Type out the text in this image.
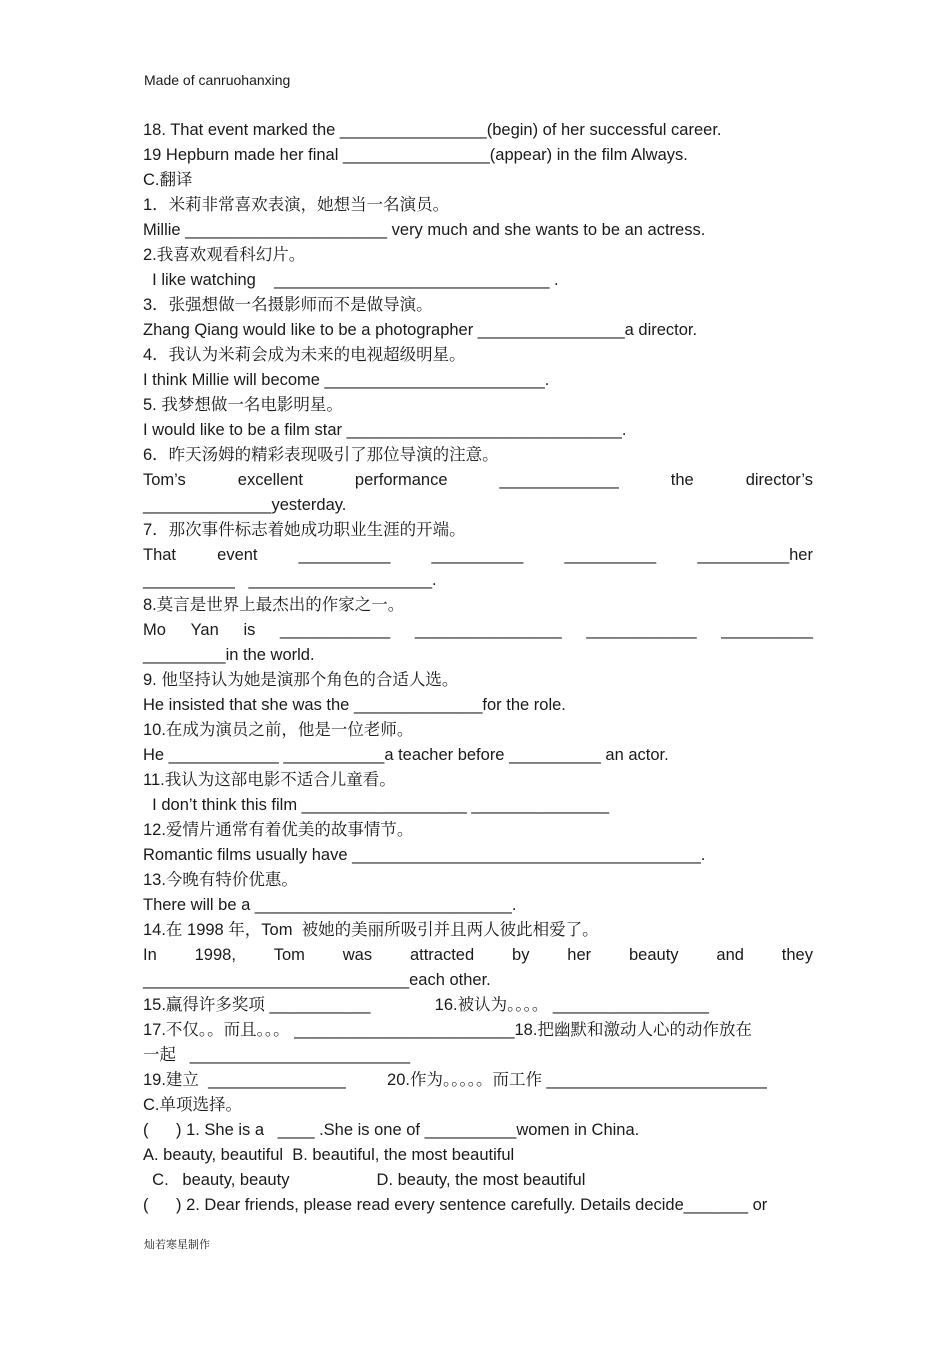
Made of canruohanxing
18. That event marked the ________________(begin) of her successful career.
19 Hepburn made her final ________________(appear) in the film Always.
C.翻译
1．米莉非常喜欢表演，她想当一名演员。
Millie ______________________ very much and she wants to be an actress.
2.我喜欢观看科幻片。
I like watching    ______________________________ .
3．张强想做一名摄影师而不是做导演。
Zhang Qiang would like to be a photographer ________________a director.
4．我认为米莉会成为未来的电视超级明星。
I think Millie will become ________________________.
5. 我梦想做一名电影明星。
I would like to be a film star ______________________________.
6．昨天汤姆的精彩表现吸引了那位导演的注意。
Tom’s	excellent	performance	_____________	the	director’s
______________yesterday.
7．那次事件标志着她成功职业生涯的开端。
That event __________ __________ __________ __________her
__________   ____________________.
8.莫言是世界上最杰出的作家之一。
Mo Yan is ____________ ________________ ____________ __________
_________in the world.
9. 他坚持认为她是演那个角色的合适人选。
He insisted that she was the ______________for the role.
10.在成为演员之前，他是一位老师。
He ____________ ___________a teacher before __________ an actor.
11.我认为这部电影不适合儿童看。
I don’t think this film __________________ _______________
12.爱情片通常有着优美的故事情节。
Romantic films usually have ______________________________________.
13.今晚有特价优惠。
There will be a ____________________________.
14.在 1998 年，Tom  被她的美丽所吸引并且两人彼此相爱了。
In 1998, Tom was attracted by her beauty and they
_____________________________each other.
15.赢得许多奖项 ___________              16.被认为。。。。 _________________
17.不仅。。而且。。。 ________________________18.把幽默和激动人心的动作放在
一起   ________________________
19.建立  _______________         20.作为。。。。。而工作 ________________________
C.单项选择。
(      ) 1. She is a   ____ .She is one of __________women in China.
A. beauty, beautiful  B. beautiful, the most beautiful
C.   beauty, beauty                   D. beauty, the most beautiful
(      ) 2. Dear friends, please read every sentence carefully. Details decide_______ or
灿若寒星制作
